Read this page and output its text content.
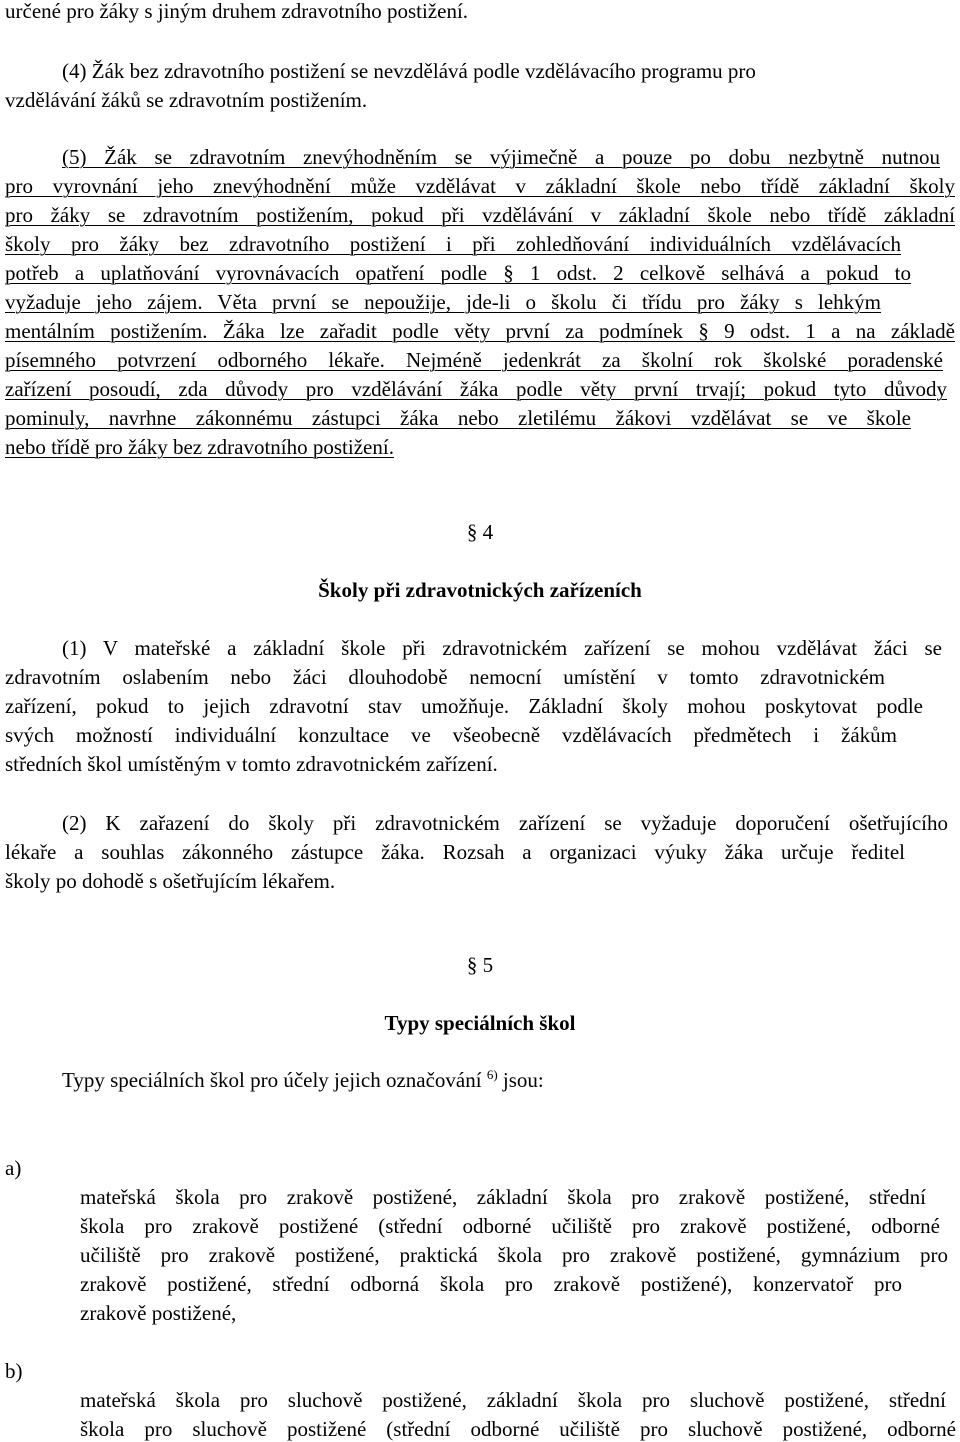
určené pro žáky s jiným druhem zdravotního postižení.
(4) Žák bez zdravotního postižení se nevzdělává podle vzdělávacího programu pro
vzdělávání žáků se zdravotním postižením.
(5) Žák se zdravotním znevýhodněním se výjimečně a pouze po dobu nezbytně nutnou
pro vyrovnání jeho znevýhodnění může vzdělávat v základní škole nebo třídě základní školy
pro žáky se zdravotním postižením, pokud při vzdělávání v základní škole nebo třídě základní
školy pro žáky bez zdravotního postižení i při zohledňování individuálních vzdělávacích
potřeb a uplatňování vyrovnávacích opatření podle § 1 odst. 2 celkově selhává a pokud to
vyžaduje jeho zájem. Věta první se nepoužije, jde-li o školu či třídu pro žáky s lehkým
mentálním postižením. Žáka lze zařadit podle věty první za podmínek § 9 odst. 1 a na základě
písemného potvrzení odborného lékaře. Nejméně jedenkrát za školní rok školské poradenské
zařízení posoudí, zda důvody pro vzdělávání žáka podle věty první trvají; pokud tyto důvody
pominuly, navrhne zákonnému zástupci žáka nebo zletilému žákovi vzdělávat se ve škole
nebo třídě pro žáky bez zdravotního postižení.
§ 4
Školy při zdravotnických zařízeních
(1) V mateřské a základní škole při zdravotnickém zařízení se mohou vzdělávat žáci se
zdravotním oslabením nebo žáci dlouhodobě nemocní umístění v tomto zdravotnickém
zařízení, pokud to jejich zdravotní stav umožňuje. Základní školy mohou poskytovat podle
svých možností individuální konzultace ve všeobecně vzdělávacích předmětech i žákům
středních škol umístěným v tomto zdravotnickém zařízení.
(2) K zařazení do školy při zdravotnickém zařízení se vyžaduje doporučení ošetřujícího
lékaře a souhlas zákonného zástupce žáka. Rozsah a organizaci výuky žáka určuje ředitel
školy po dohodě s ošetřujícím lékařem.
§ 5
Typy speciálních škol
Typy speciálních škol pro účely jejich označování $^{6)}$ jsou:
a)
mateřská škola pro zrakově postižené, základní škola pro zrakově postižené, střední
škola pro zrakově postižené (střední odborné učiliště pro zrakově postižené, odborné
učiliště pro zrakově postižené, praktická škola pro zrakově postižené, gymnázium pro
zrakově postižené, střední odborná škola pro zrakově postižené), konzervatoř pro
zrakově postižené,
b)
mateřská škola pro sluchově postižené, základní škola pro sluchově postižené, střední
škola pro sluchově postižené (střední odborné učiliště pro sluchově postižené, odborné
